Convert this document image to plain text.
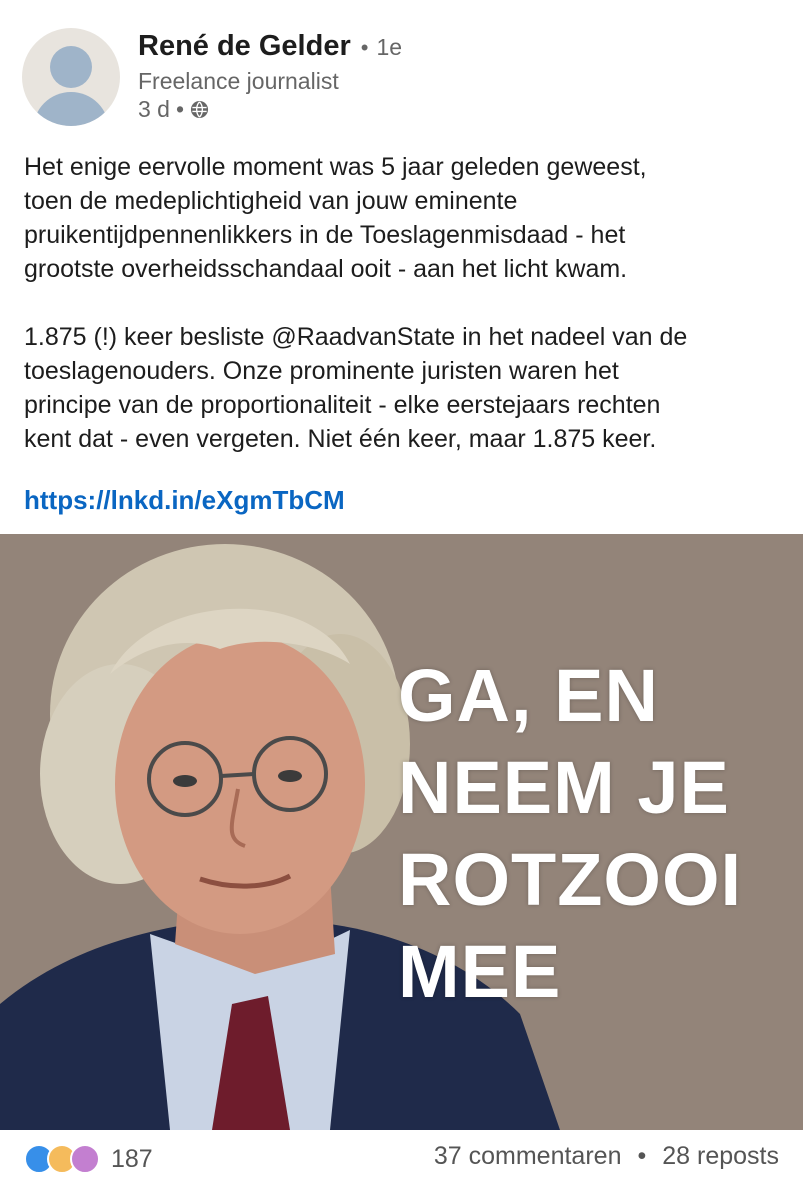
René de Gelder • 1e
Freelance journalist
3 d •

Het enige eervolle moment was 5 jaar geleden geweest,

toen de medeplichtigheid van jouw eminente

pruikentijdpennenlikkers in de Toeslagenmisdaad - het

grootste overheidsschandaal ooit - aan het licht kwam.

1.875 (!) keer besliste @RaadvanState in het nadeel van de

toeslagenouders. Onze prominente juristen waren het

principe van de proportionaliteit - elke eerstejaars rechten

kent dat - even vergeten. Niet één keer, maar 1.875 keer.

https://lnkd.in/eXgmTbCM
GA, EN
NEEM JE
ROTZOOI
MEE
187	37 commentaren • 28 reposts
